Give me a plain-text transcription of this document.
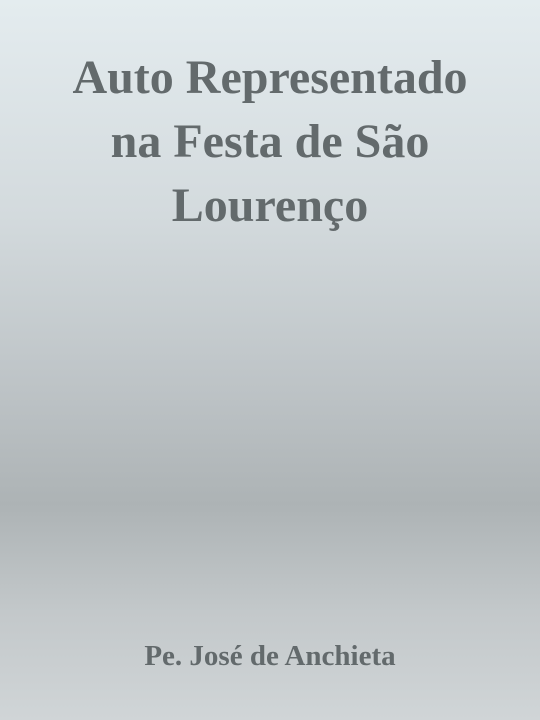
Auto Representado
na Festa de São
Lourenço

Pe. José de Anchieta
